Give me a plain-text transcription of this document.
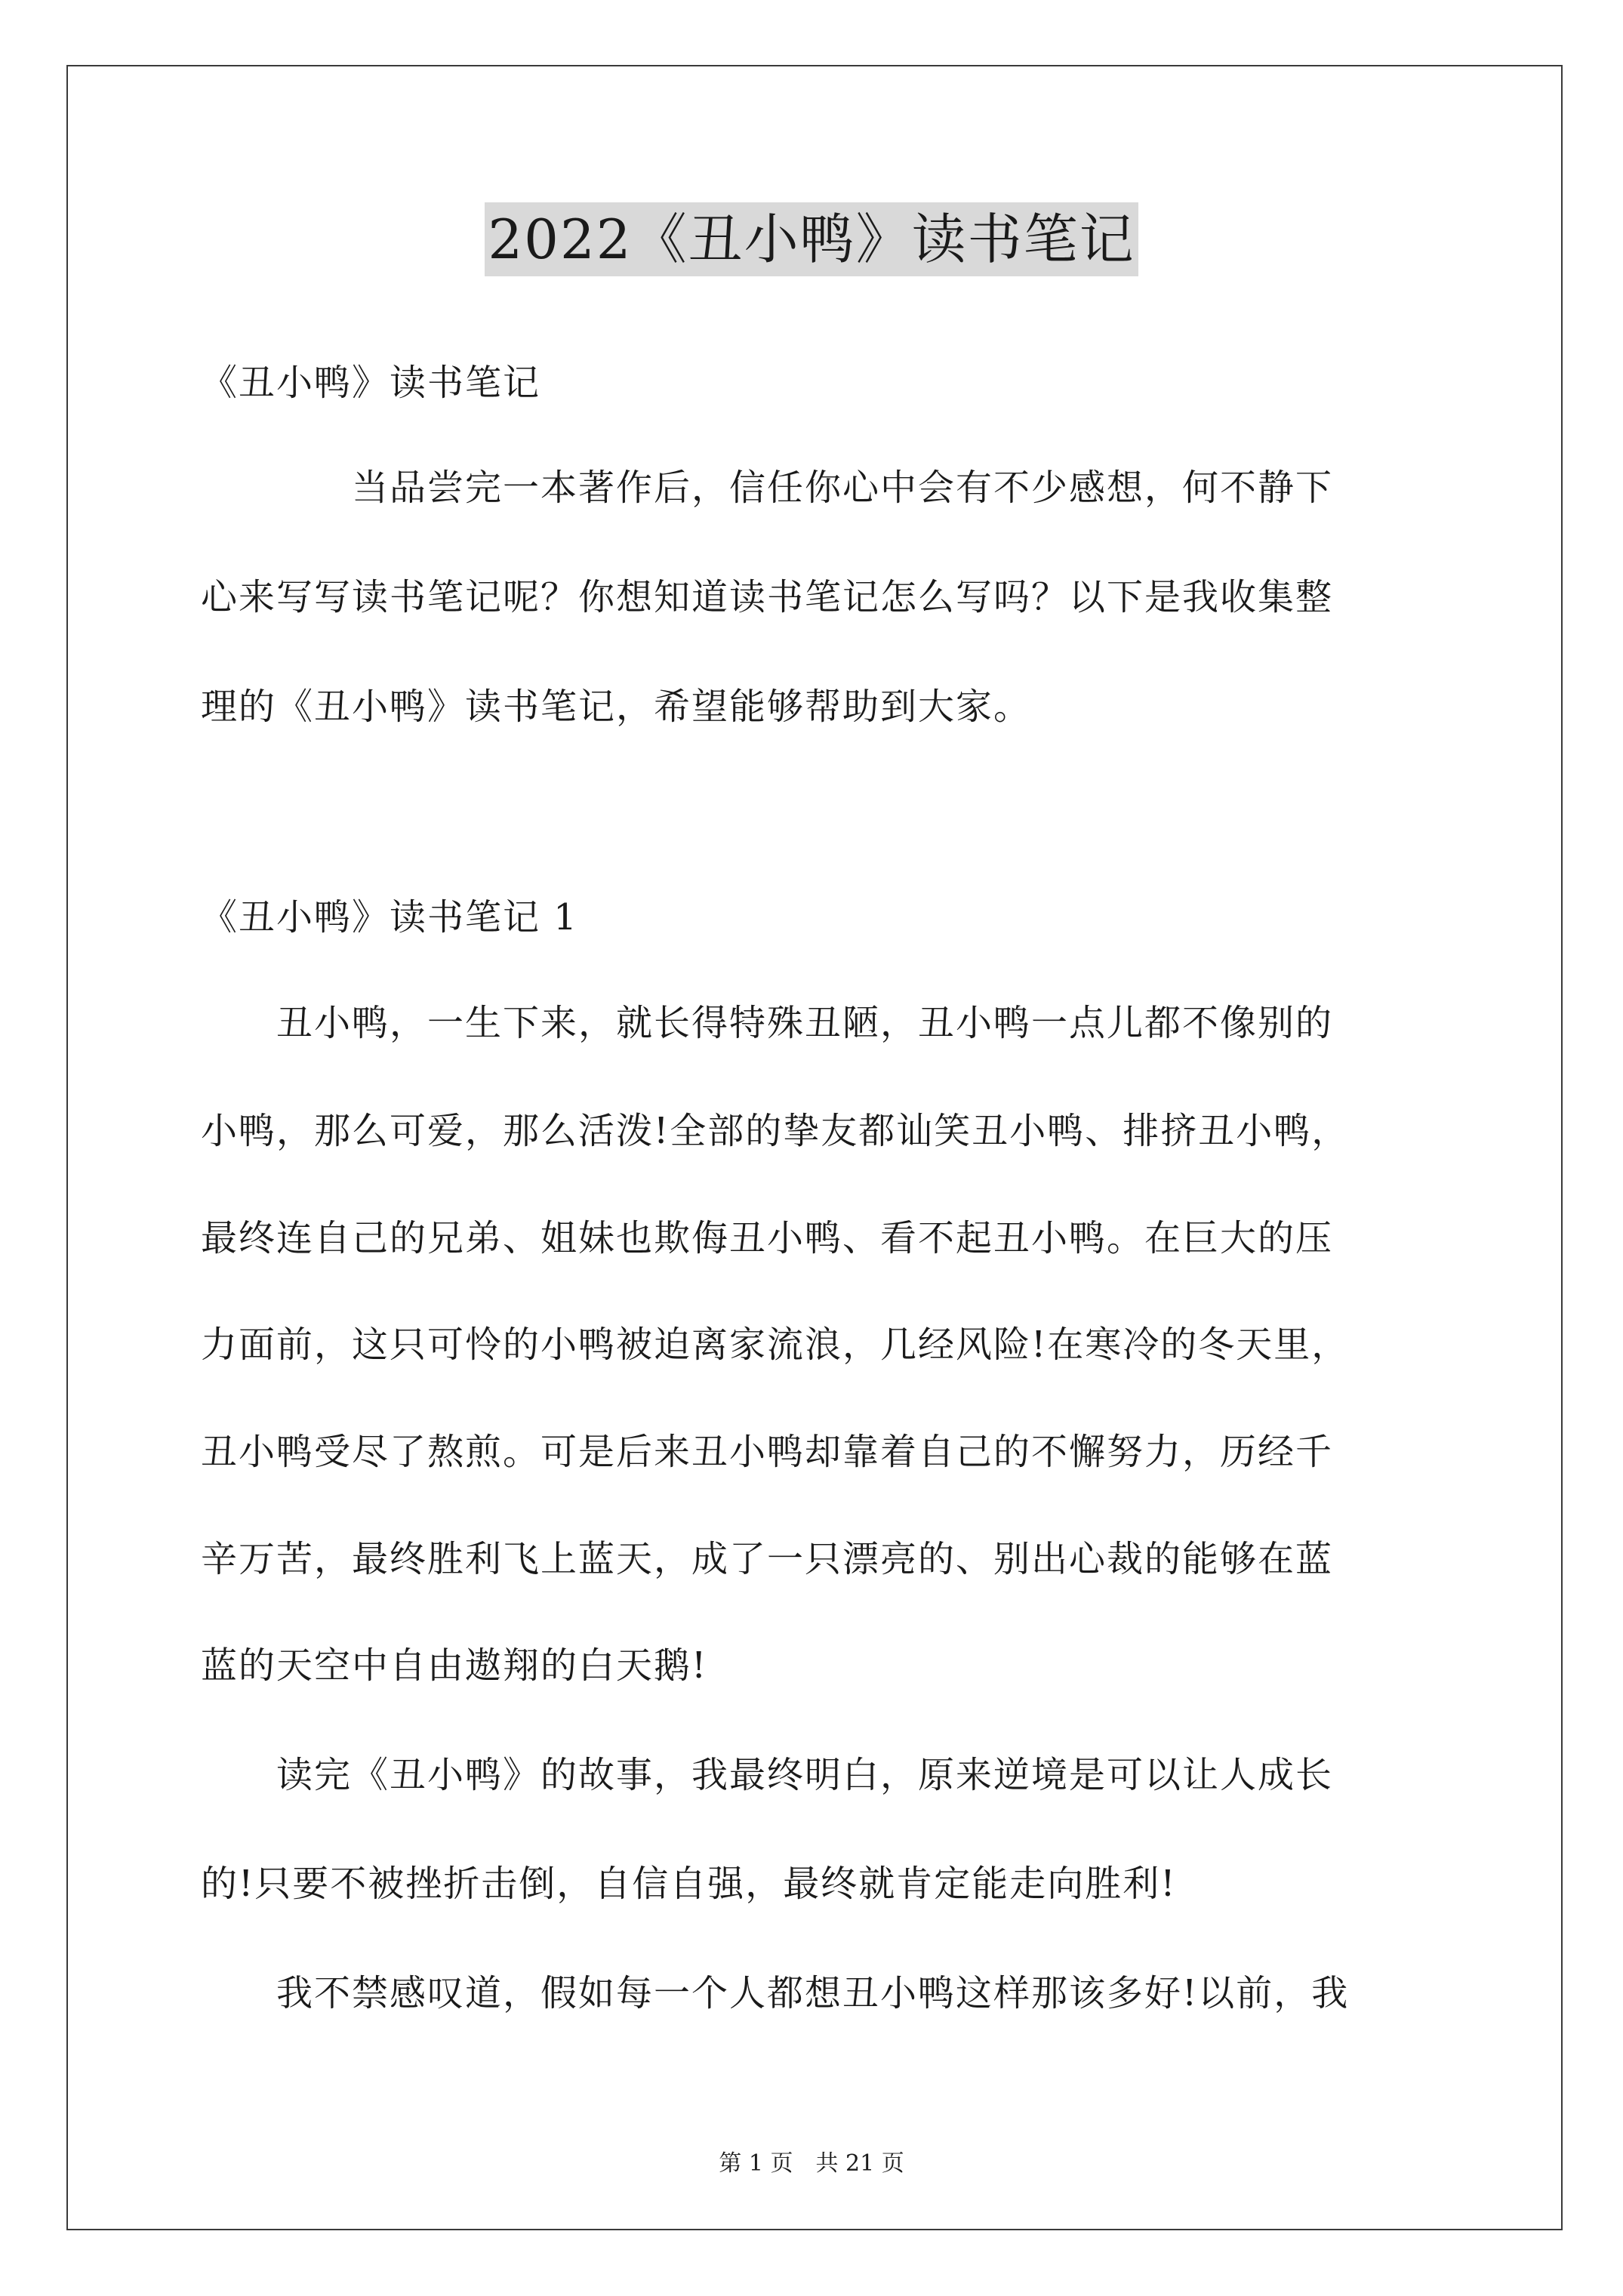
2022《丑小鸭》读书笔记
《丑小鸭》读书笔记
　　　　当品尝完一本著作后，信任你心中会有不少感想，何不静下
心来写写读书笔记呢？你想知道读书笔记怎么写吗？以下是我收集整
理的《丑小鸭》读书笔记，希望能够帮助到大家。
《丑小鸭》读书笔记 1
　　丑小鸭，一生下来，就长得特殊丑陋，丑小鸭一点儿都不像别的
小鸭，那么可爱，那么活泼!全部的挚友都讪笑丑小鸭、排挤丑小鸭，
最终连自己的兄弟、姐妹也欺侮丑小鸭、看不起丑小鸭。在巨大的压
力面前，这只可怜的小鸭被迫离家流浪，几经风险!在寒冷的冬天里，
丑小鸭受尽了熬煎。可是后来丑小鸭却靠着自己的不懈努力，历经千
辛万苦，最终胜利飞上蓝天，成了一只漂亮的、别出心裁的能够在蓝
蓝的天空中自由遨翔的白天鹅!
　　读完《丑小鸭》的故事，我最终明白，原来逆境是可以让人成长
的!只要不被挫折击倒，自信自强，最终就肯定能走向胜利!
　　我不禁感叹道，假如每一个人都想丑小鸭这样那该多好!以前，我
第 1 页　共 21 页
